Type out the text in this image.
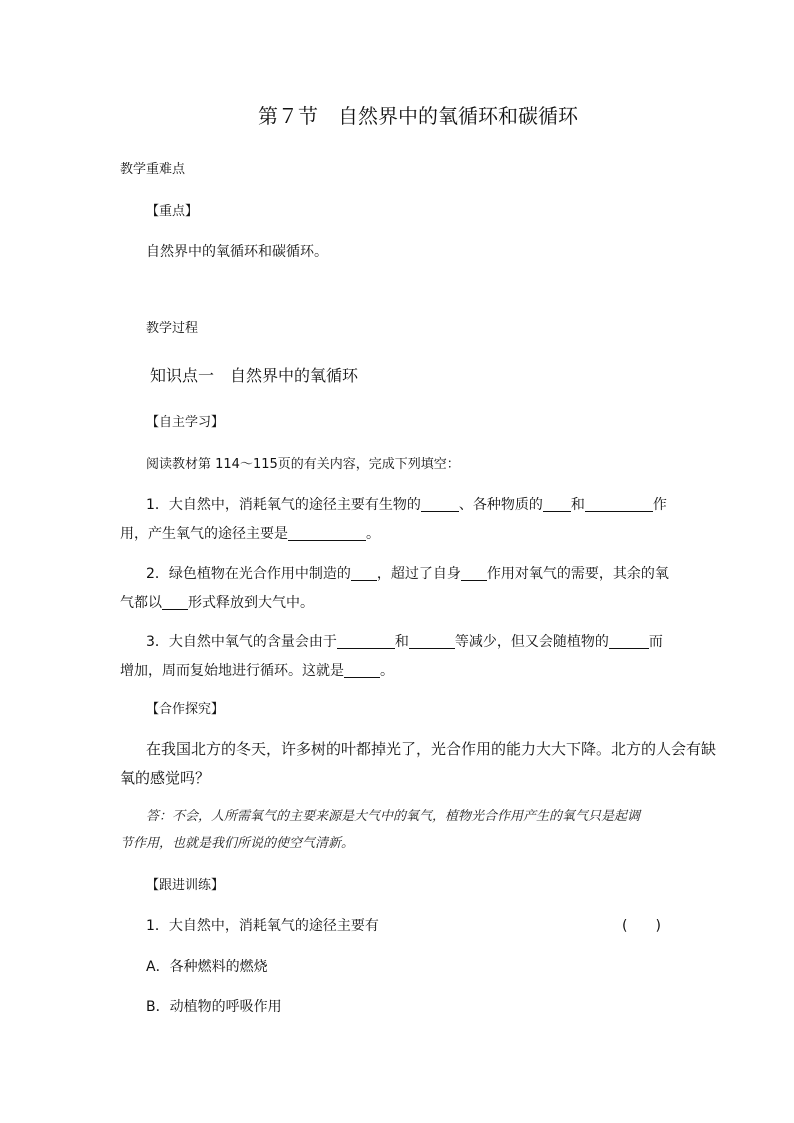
第７节　自然界中的氧循环和碳循环
教学重难点
【重点】
自然界中的氧循环和碳循环。
教学过程
知识点一　自然界中的氧循环
【自主学习】
阅读教材第 114～115页的有关内容，完成下列填空：
1．大自然中，消耗氧气的途径主要有生物的	、各种物质的 和	作
用，产生氧气的途径主要是	。
2．绿色植物在光合作用中制造的 ，超过了自身 作用对氧气的需要，其余的氧
气都以 形式释放到大气中。
3．大自然中氧气的含量会由于	和	等减少，但又会随植物的	而
增加，周而复始地进行循环。这就是	。
【合作探究】
在我国北方的冬天，许多树的叶都掉光了，光合作用的能力大大下降。北方的人会有缺
氧的感觉吗？
答：不会，人所需氧气的主要来源是大气中的氧气，植物光合作用产生的氧气只是起调
节作用，也就是我们所说的使空气清新。
【跟进训练】
1．大自然中，消耗氧气的途径主要有	(　　)
A．各种燃料的燃烧
B．动植物的呼吸作用
